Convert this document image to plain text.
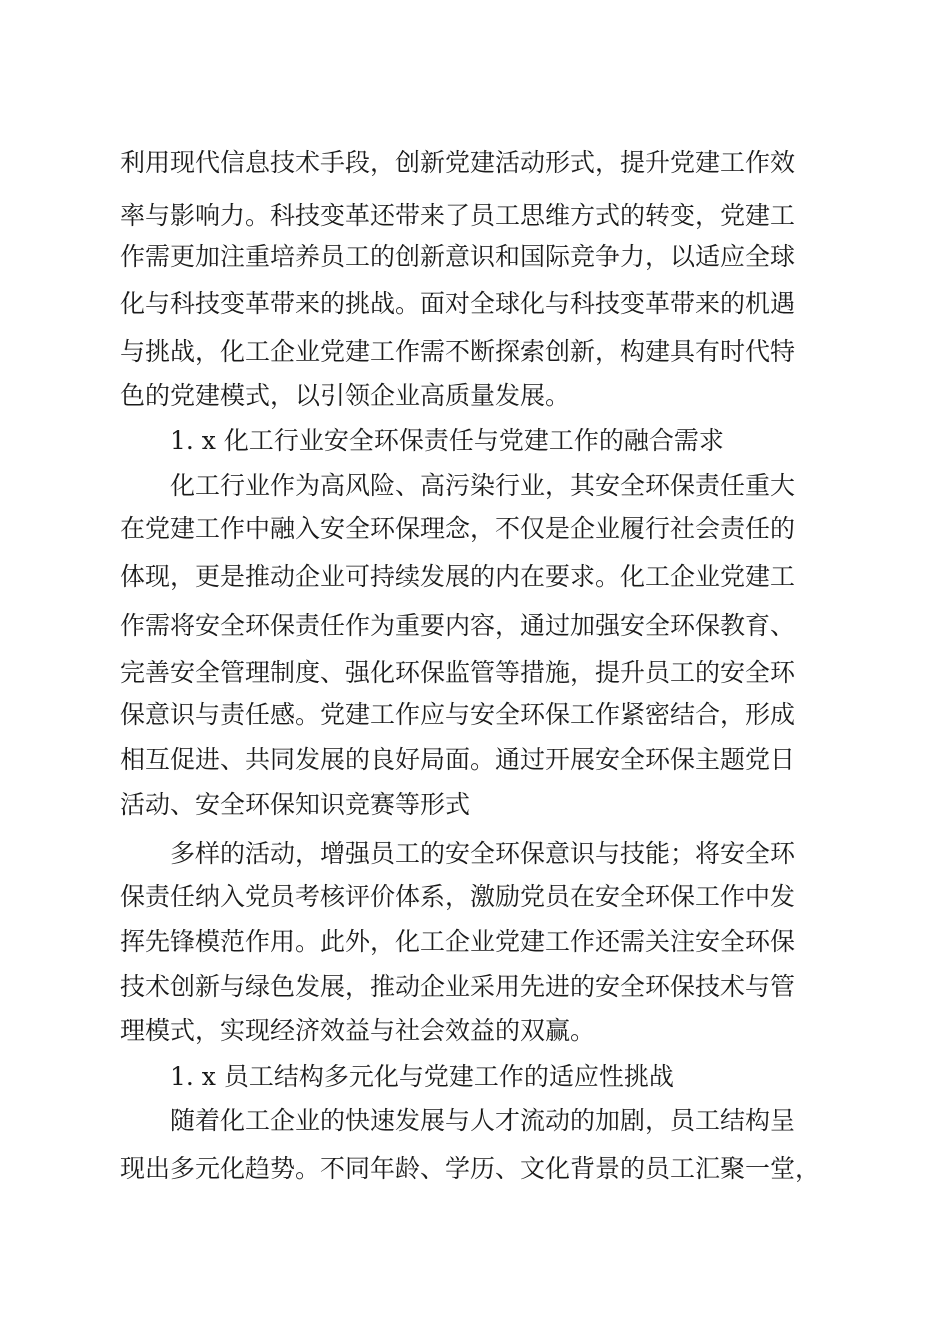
利用现代信息技术手段，创新党建活动形式，提升党建工作效
率与影响力。科技变革还带来了员工思维方式的转变，党建工
作需更加注重培养员工的创新意识和国际竞争力，以适应全球
化与科技变革带来的挑战。面对全球化与科技变革带来的机遇
与挑战，化工企业党建工作需不断探索创新，构建具有时代特
色的党建模式，以引领企业高质量发展。
1. x 化工行业安全环保责任与党建工作的融合需求
化工行业作为高风险、高污染行业，其安全环保责任重大
在党建工作中融入安全环保理念，不仅是企业履行社会责任的
体现，更是推动企业可持续发展的内在要求。化工企业党建工
作需将安全环保责任作为重要内容，通过加强安全环保教育、
完善安全管理制度、强化环保监管等措施，提升员工的安全环
保意识与责任感。党建工作应与安全环保工作紧密结合，形成
相互促进、共同发展的良好局面。通过开展安全环保主题党日
活动、安全环保知识竞赛等形式
多样的活动，增强员工的安全环保意识与技能；将安全环
保责任纳入党员考核评价体系，激励党员在安全环保工作中发
挥先锋模范作用。此外，化工企业党建工作还需关注安全环保
技术创新与绿色发展，推动企业采用先进的安全环保技术与管
理模式，实现经济效益与社会效益的双赢。
1. x 员工结构多元化与党建工作的适应性挑战
随着化工企业的快速发展与人才流动的加剧，员工结构呈
现出多元化趋势。不同年龄、学历、文化背景的员工汇聚一堂，
